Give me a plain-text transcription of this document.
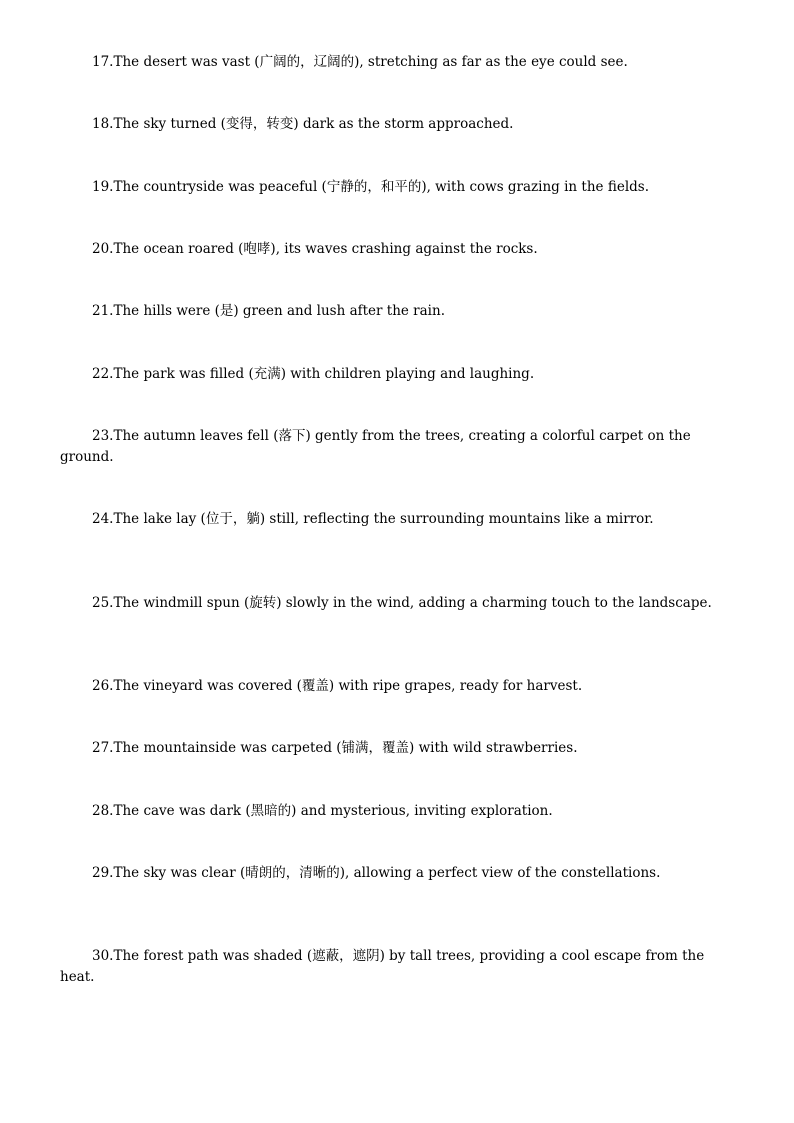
17.The desert was vast (广阔的，辽阔的), stretching as far as the eye could see.

18.The sky turned (变得，转变) dark as the storm approached.

19.The countryside was peaceful (宁静的，和平的), with cows grazing in the fields.

20.The ocean roared (咆哮), its waves crashing against the rocks.

21.The hills were (是) green and lush after the rain.

22.The park was filled (充满) with children playing and laughing.

23.The autumn leaves fell (落下) gently from the trees, creating a colorful carpet on the ground.

24.The lake lay (位于，躺) still, reflecting the surrounding mountains like a mirror.

25.The windmill spun (旋转) slowly in the wind, adding a charming touch to the landscape.

26.The vineyard was covered (覆盖) with ripe grapes, ready for harvest.

27.The mountainside was carpeted (铺满，覆盖) with wild strawberries.

28.The cave was dark (黑暗的) and mysterious, inviting exploration.

29.The sky was clear (晴朗的，清晰的), allowing a perfect view of the constellations.

30.The forest path was shaded (遮蔽，遮阴) by tall trees, providing a cool escape from the heat.
